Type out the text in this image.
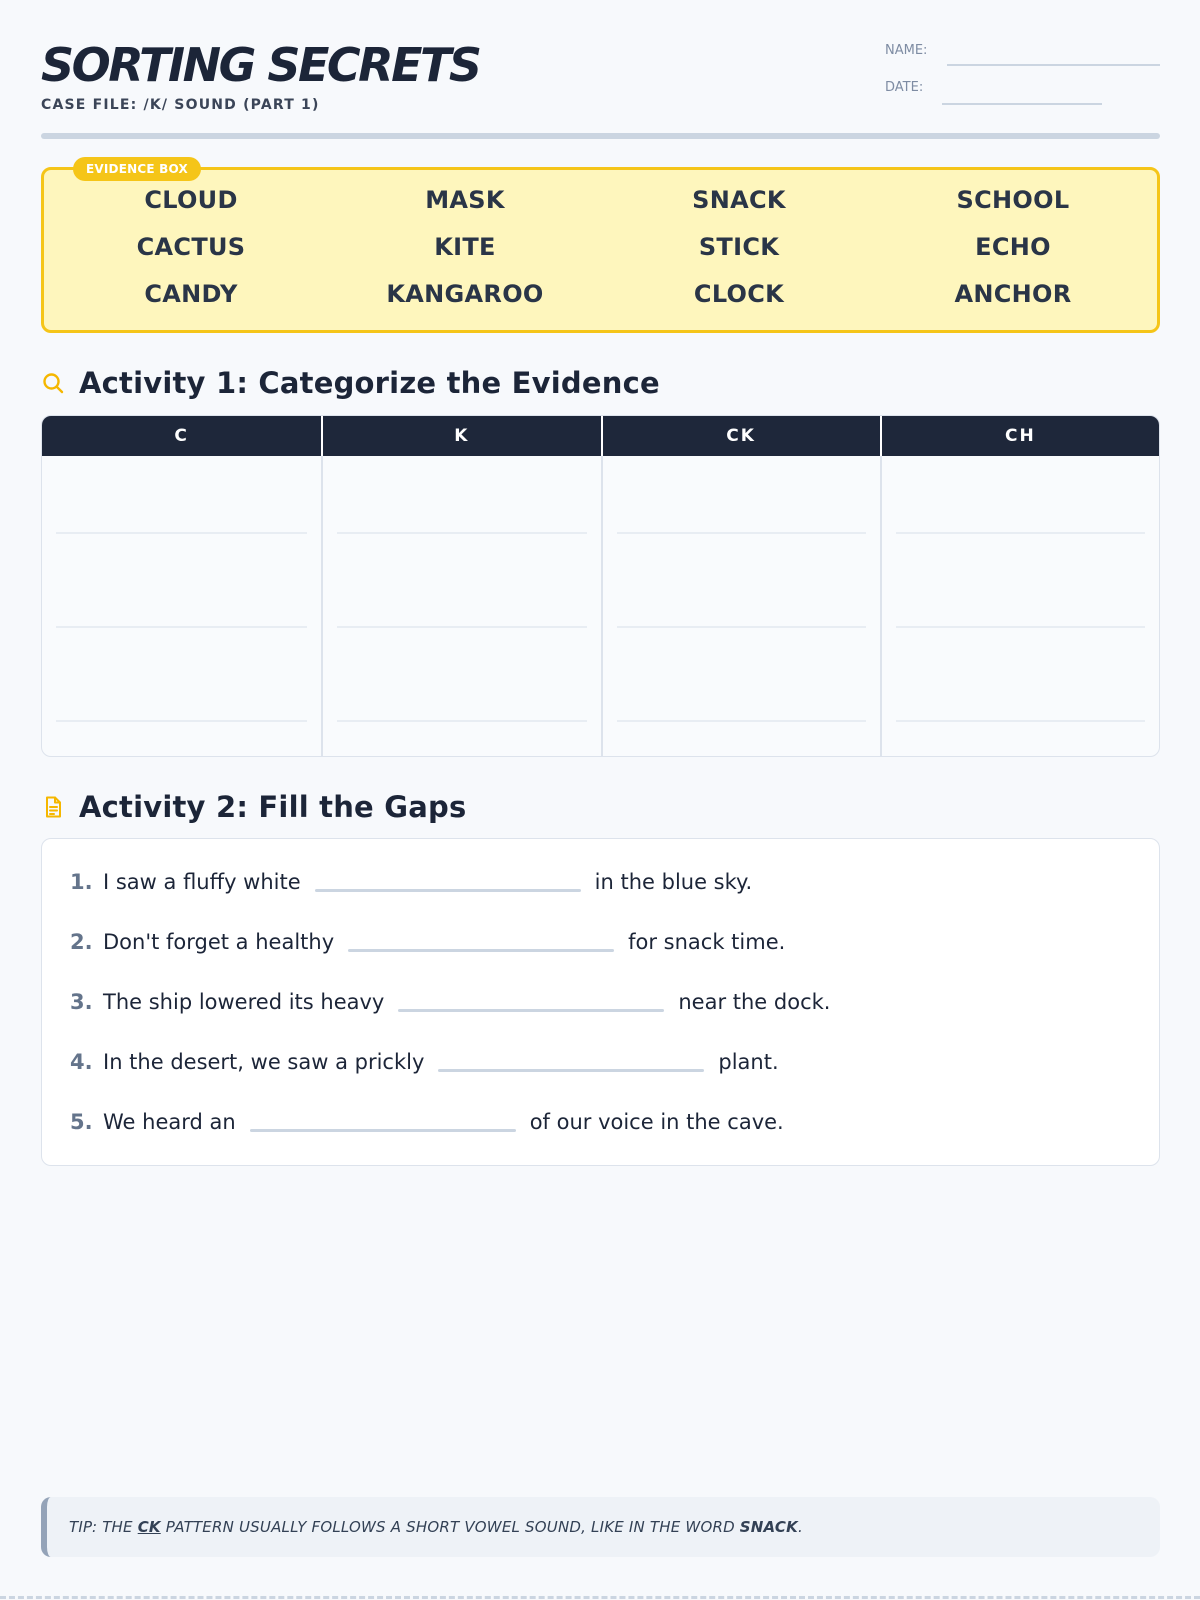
SORTING SECRETS
CASE FILE: /K/ SOUND (PART 1)
NAME:
DATE:
EVIDENCE BOX
CLOUD	MASK	SNACK	SCHOOL
CACTUS	KITE	STICK	ECHO
CANDY	KANGAROO	CLOCK	ANCHOR
Activity 1: Categorize the Evidence
C	K	CK	CH
Activity 2: Fill the Gaps
1. I saw a fluffy white	in the blue sky.
2. Don't forget a healthy	for snack time.
3. The ship lowered its heavy	near the dock.
4. In the desert, we saw a prickly	plant.
5. We heard an	of our voice in the cave.
TIP: THE CK PATTERN USUALLY FOLLOWS A SHORT VOWEL SOUND, LIKE IN THE WORD SNACK .
